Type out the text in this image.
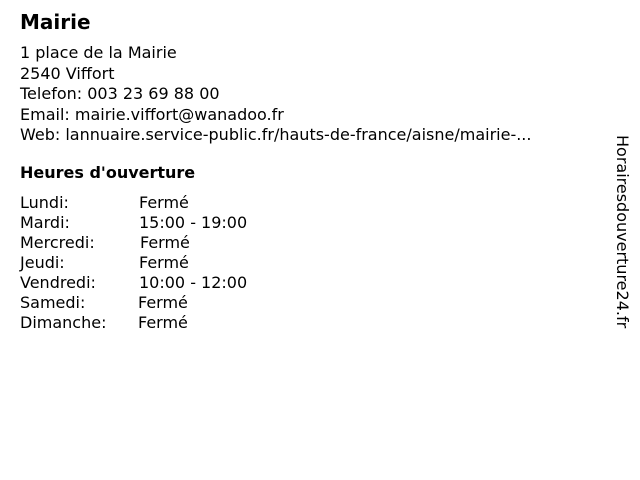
Mairie
1 place de la Mairie
2540 Viffort
Telefon: 003 23 69 88 00
Email: mairie.viffort@wanadoo.fr
Web: lannuaire.service-public.fr/hauts-de-france/aisne/mairie-...
Heures d'ouverture
Lundi:	Fermé
Mardi:	15:00 - 19:00
Mercredi:	Fermé
Jeudi:	Fermé
Vendredi:	10:00 - 12:00
Samedi:	Fermé
Dimanche: Fermé	Horairesdouverture24.fr
